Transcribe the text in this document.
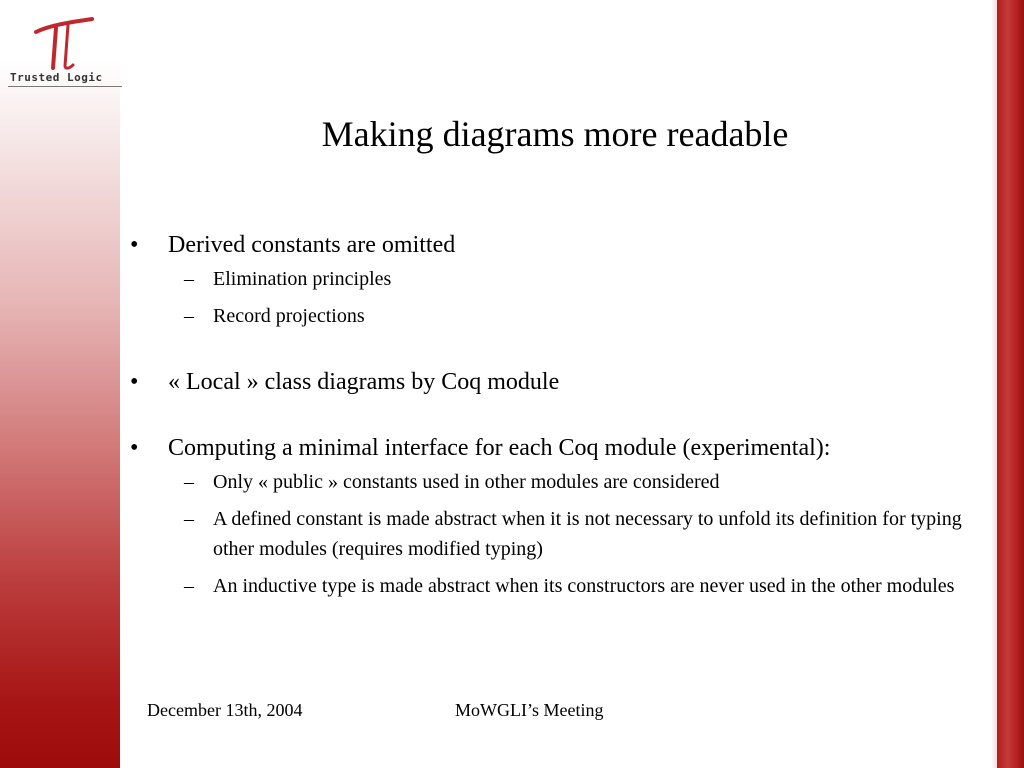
Trusted Logic
Making diagrams more readable
• Derived constants are omitted
– Elimination principles
– Record projections
• « Local » class diagrams by Coq module
• Computing a minimal interface for each Coq module (experimental):
– Only « public » constants used in other modules are considered
– A defined constant is made abstract when it is not necessary to unfold its definition for typing other modules (requires modified typing)
– An inductive type is made abstract when its constructors are never used in the other modules
December 13th, 2004	MoWGLI’s Meeting
